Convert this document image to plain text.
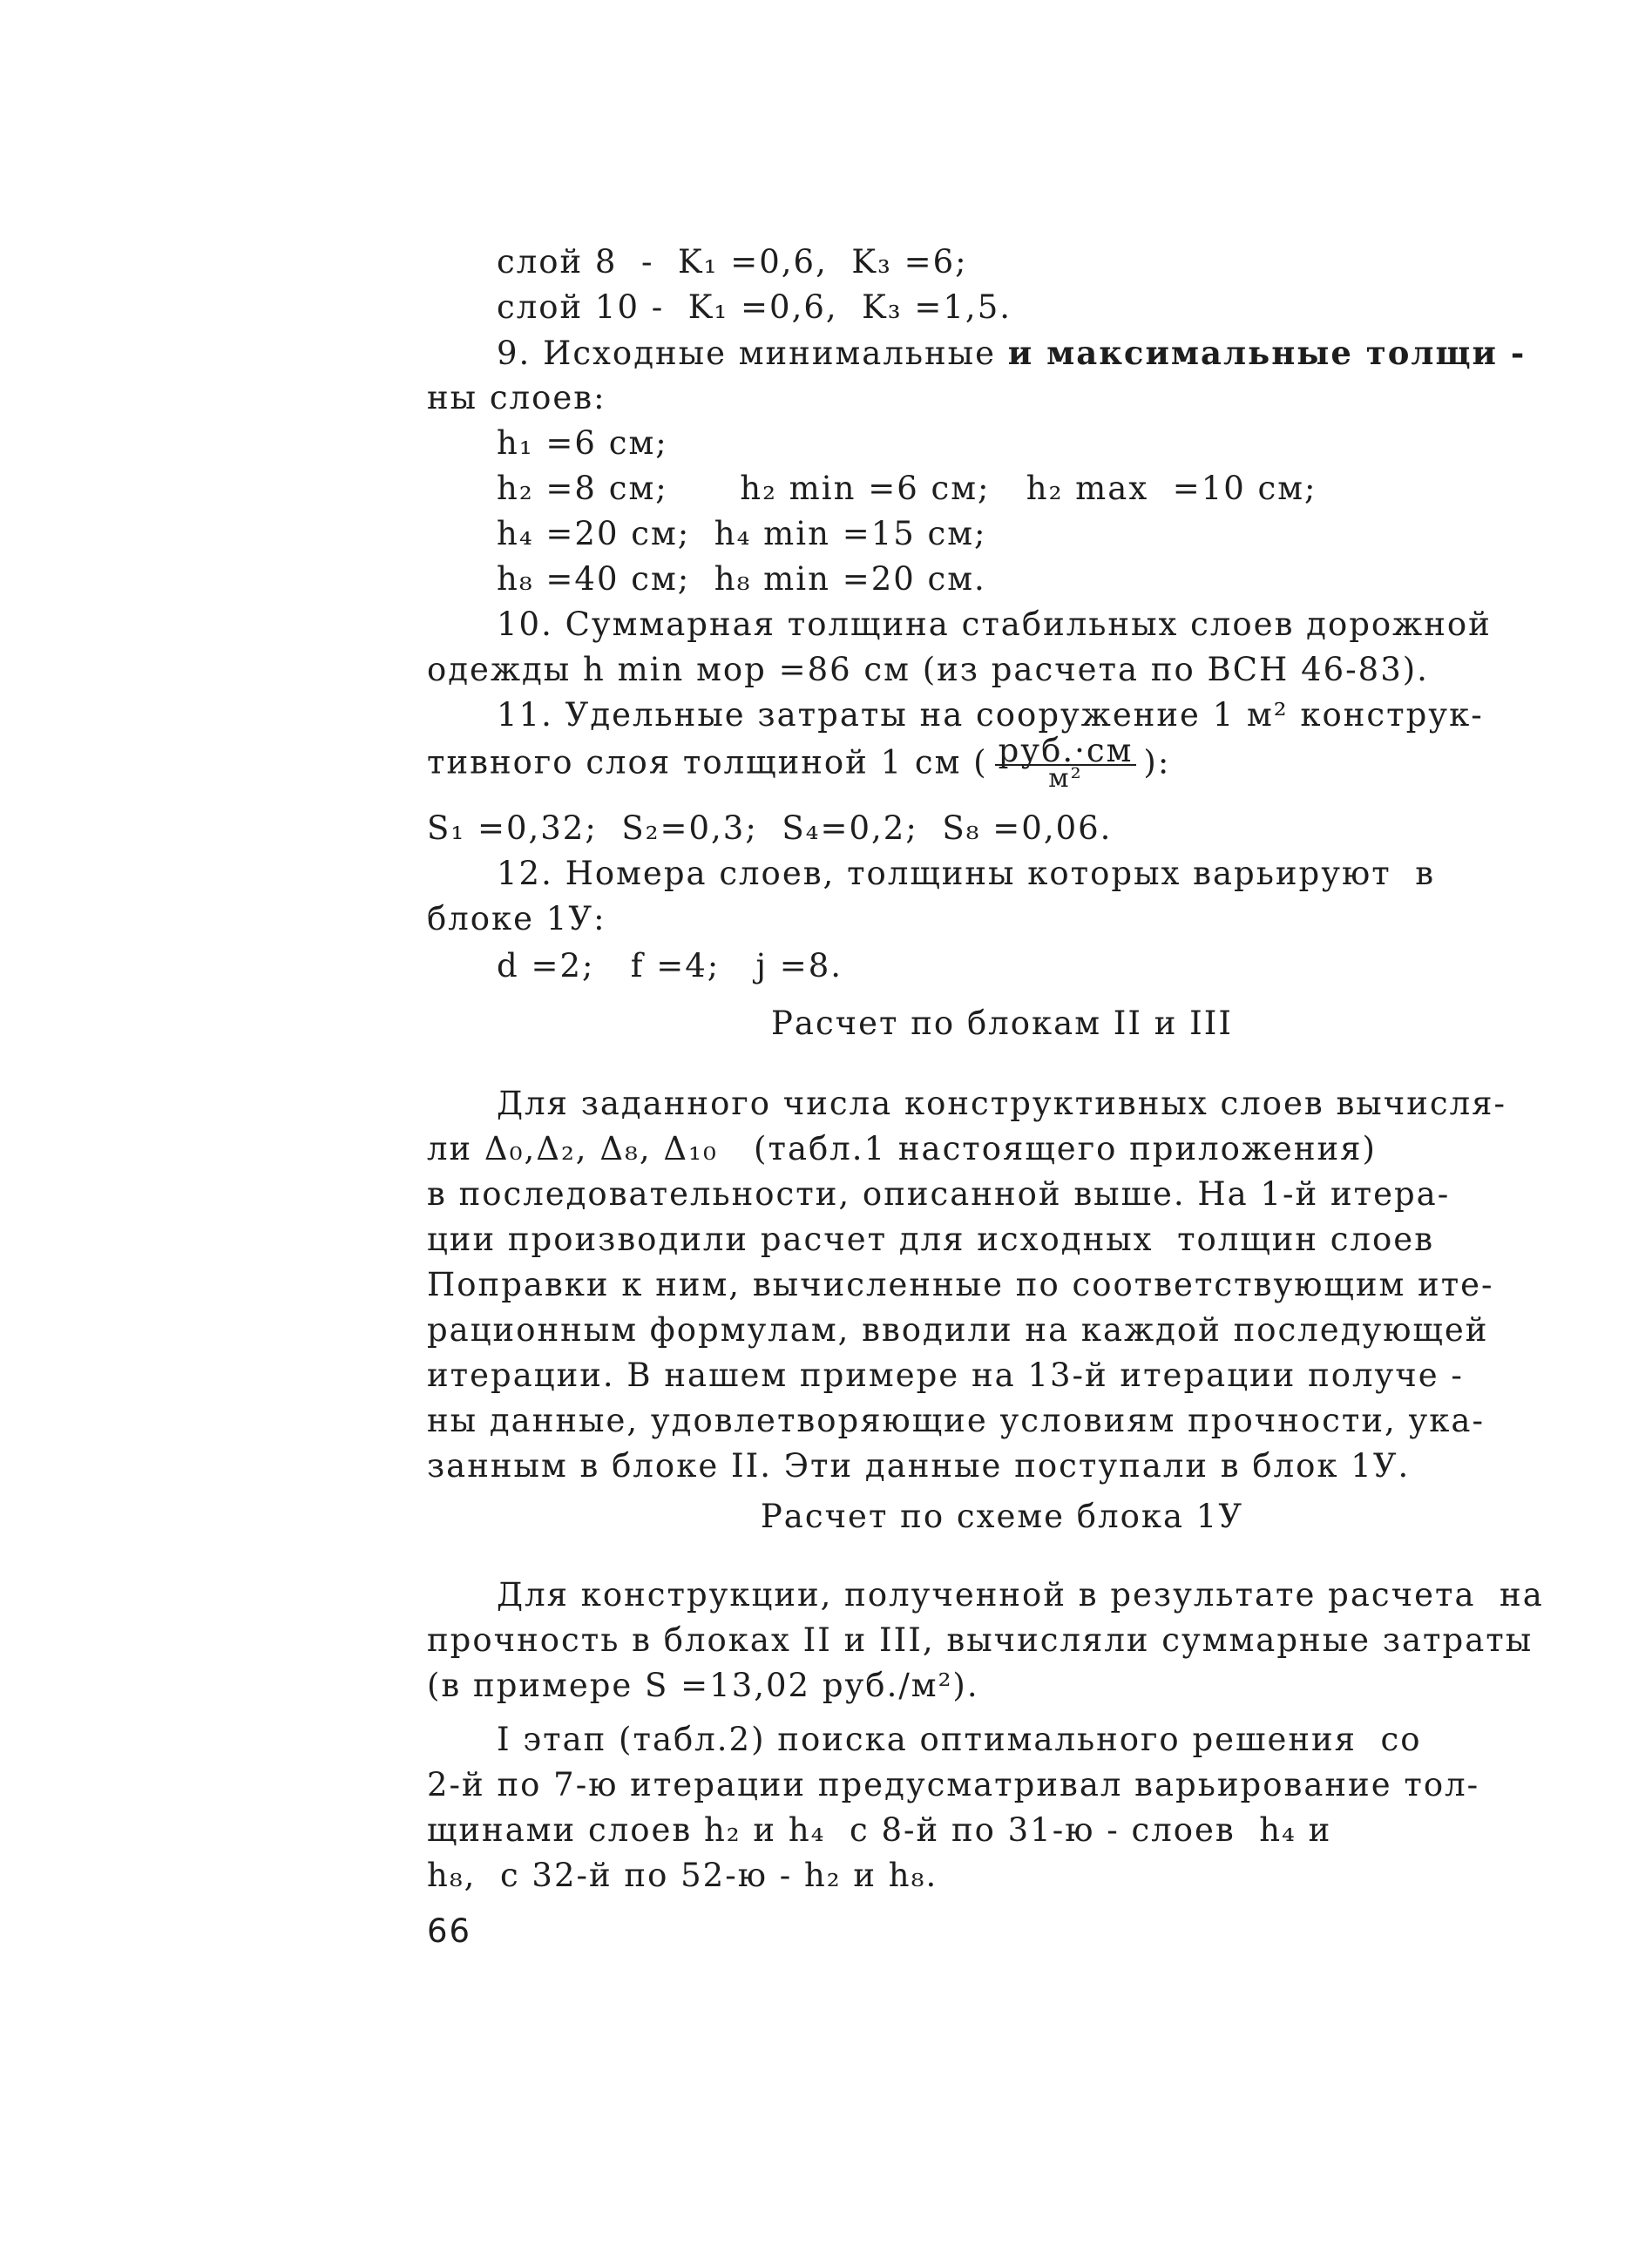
слой 8  -  K₁ =0,6,  K₃ =6;
слой 10 -  K₁ =0,6,  K₃ =1,5.
9. Исходные минимальные и максимальные толщи -
ны слоев:
h₁ =6 см;
h₂ =8 см;      h₂ min =6 см;   h₂ max  =10 см;
h₄ =20 см;  h₄ min =15 см;
h₈ =40 см;  h₈ min =20 см.
10. Суммарная толщина стабильных слоев дорожной
одежды h min мор =86 см (из расчета по ВСН 46-83).
11. Удельные затраты на сооружение 1 м² конструк-
тивного слоя толщиной 1 см ( $\frac{\text{руб.·см}}{\text{м²}}$ ):
S₁ =0,32;  S₂=0,3;  S₄=0,2;  S₈ =0,06.
12. Номера слоев, толщины которых варьируют  в
блоке 1У:
d =2;   f =4;   j =8.
Расчет по блокам II и III
Для заданного числа конструктивных слоев вычисля-
ли Δ₀,Δ₂, Δ₈, Δ₁₀   (табл.1 настоящего приложения)
в последовательности, описанной выше. На 1-й итера-
ции производили расчет для исходных  толщин слоев
Поправки к ним, вычисленные по соответствующим ите-
рационным формулам, вводили на каждой последующей
итерации. В нашем примере на 13-й итерации получе -
ны данные, удовлетворяющие условиям прочности, ука-
занным в блоке II. Эти данные поступали в блок 1У.
Расчет по схеме блока 1У
Для конструкции, полученной в результате расчета  на
прочность в блоках II и III, вычисляли суммарные затраты
(в примере S =13,02 руб./м²).
I этап (табл.2) поиска оптимального решения  со
2-й по 7-ю итерации предусматривал варьирование тол-
щинами слоев h₂ и h₄  с 8-й по 31-ю - слоев  h₄ и
h₈,  с 32-й по 52-ю - h₂ и h₈.
66
